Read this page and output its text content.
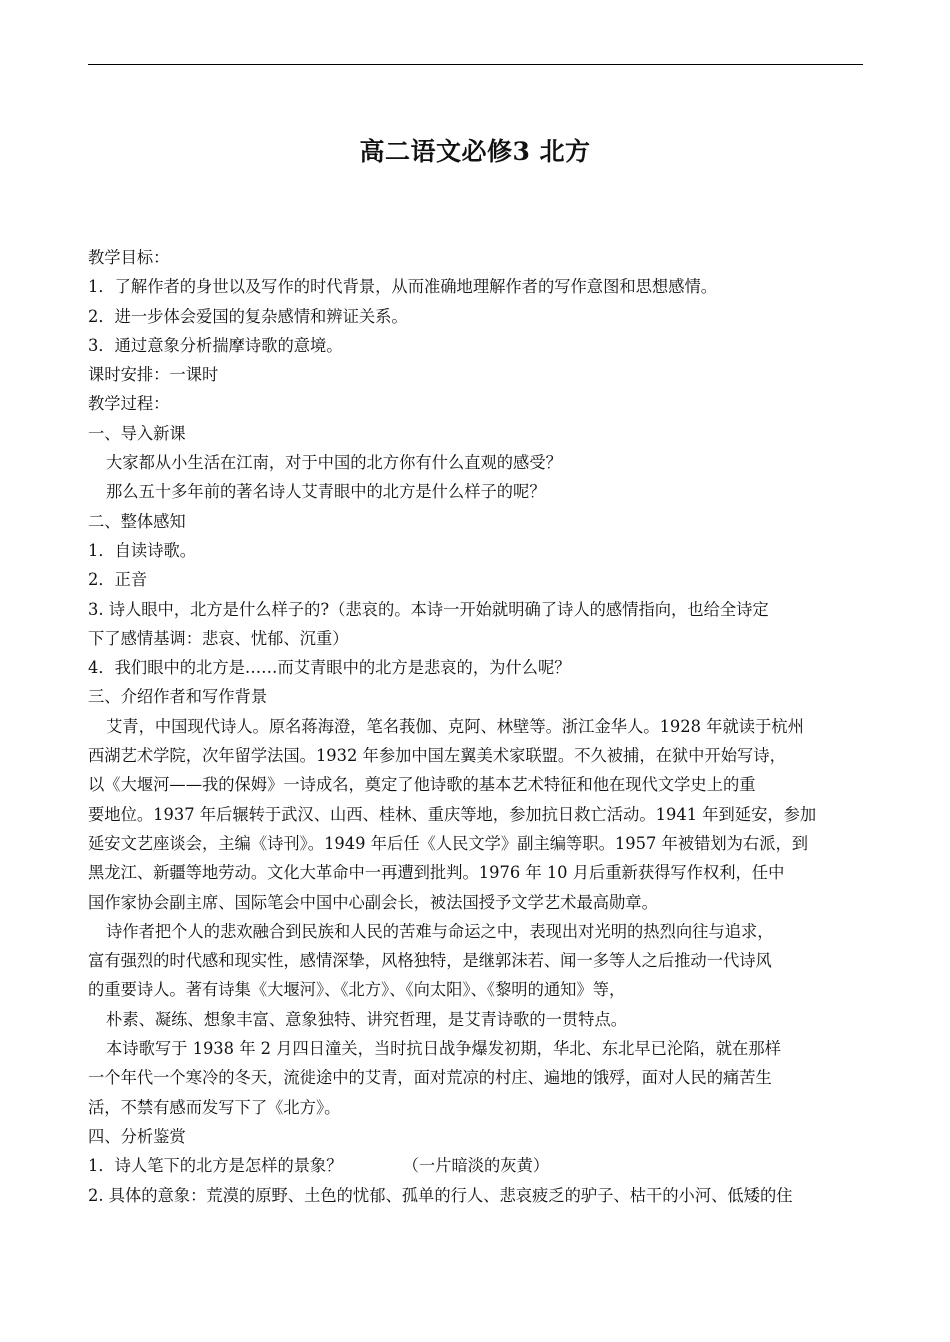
高二语文必修3 北方
教学目标：
1．了解作者的身世以及写作的时代背景，从而准确地理解作者的写作意图和思想感情。
2．进一步体会爱国的复杂感情和辨证关系。
3．通过意象分析揣摩诗歌的意境。
课时安排：一课时
教学过程：
一、导入新课
大家都从小生活在江南，对于中国的北方你有什么直观的感受？
那么五十多年前的著名诗人艾青眼中的北方是什么样子的呢？
二、整体感知
1．自读诗歌。
2．正音
3. 诗人眼中，北方是什么样子的?（悲哀的。本诗一开始就明确了诗人的感情指向，也给全诗定
下了感情基调：悲哀、忧郁、沉重）
4．我们眼中的北方是……而艾青眼中的北方是悲哀的，为什么呢？
三、介绍作者和写作背景
艾青，中国现代诗人。原名蒋海澄，笔名莪伽、克阿、林壁等。浙江金华人。1928 年就读于杭州
西湖艺术学院，次年留学法国。1932 年参加中国左翼美术家联盟。不久被捕，在狱中开始写诗，
以《大堰河——我的保姆》一诗成名，奠定了他诗歌的基本艺术特征和他在现代文学史上的重
要地位。1937 年后辗转于武汉、山西、桂林、重庆等地，参加抗日救亡活动。1941 年到延安，参加
延安文艺座谈会，主编《诗刊》。1949 年后任《人民文学》副主编等职。1957 年被错划为右派，到
黑龙江、新疆等地劳动。文化大革命中一再遭到批判。1976 年 10 月后重新获得写作权利，任中
国作家协会副主席、国际笔会中国中心副会长，被法国授予文学艺术最高勋章。
诗作者把个人的悲欢融合到民族和人民的苦难与命运之中，表现出对光明的热烈向往与追求，
富有强烈的时代感和现实性，感情深挚，风格独特，是继郭沫若、闻一多等人之后推动一代诗风
的重要诗人。著有诗集《大堰河》、《北方》、《向太阳》、《黎明的通知》等，
朴素、凝练、想象丰富、意象独特、讲究哲理，是艾青诗歌的一贯特点。
本诗歌写于 1938 年 2 月四日潼关，当时抗日战争爆发初期，华北、东北早已沦陷，就在那样
一个年代一个寒冷的冬天，流徙途中的艾青，面对荒凉的村庄、遍地的饿殍，面对人民的痛苦生
活，不禁有感而发写下了《北方》。
四、分析鉴赏
1．诗人笔下的北方是怎样的景象？	（一片暗淡的灰黄）
2. 具体的意象：荒漠的原野、土色的忧郁、孤单的行人、悲哀疲乏的驴子、枯干的小河、低矮的住
